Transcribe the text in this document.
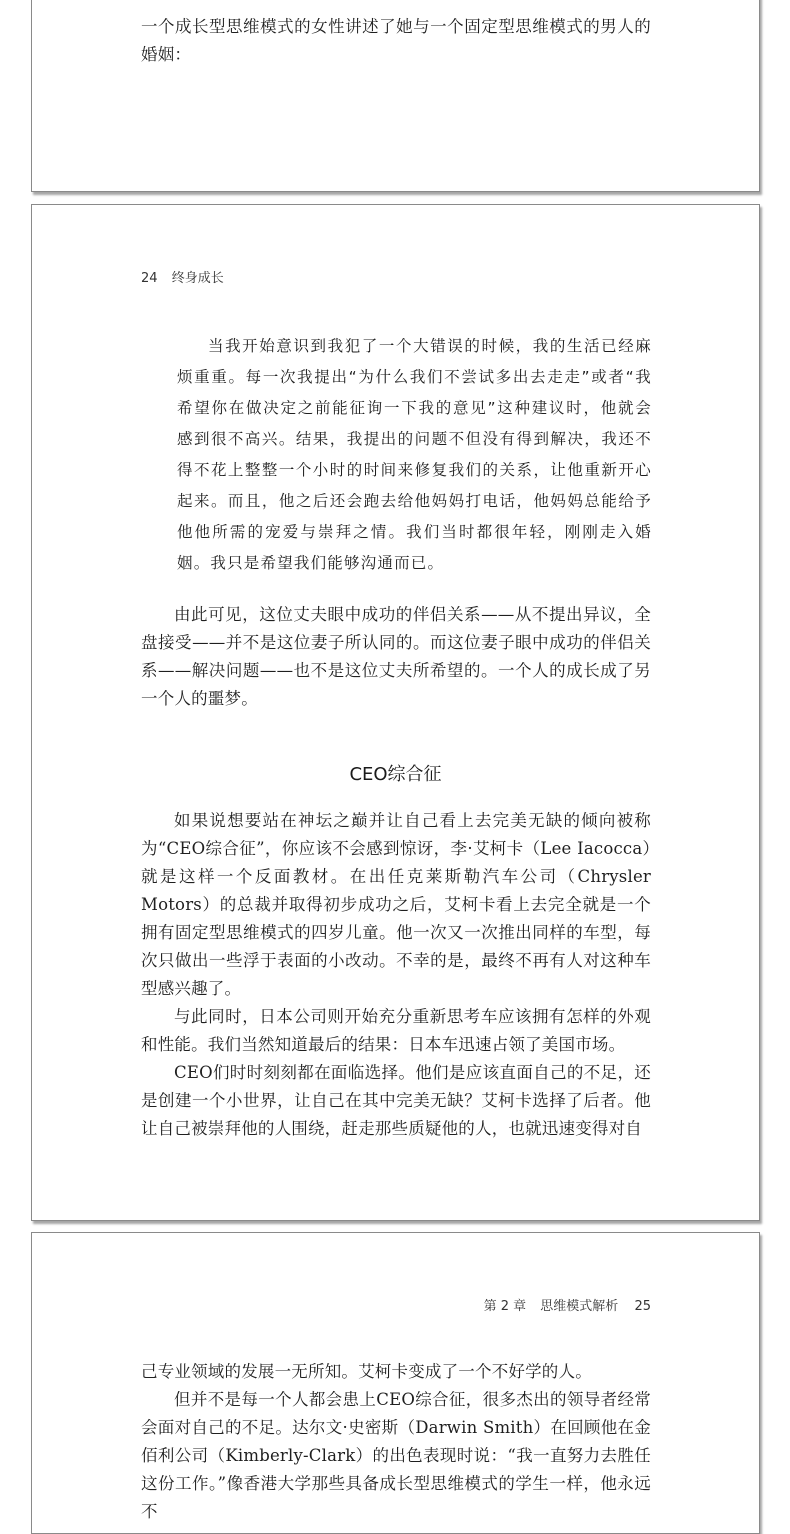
一个成长型思维模式的女性讲述了她与一个固定型思维模式的男人的婚姻：

24 终身成长

当我开始意识到我犯了一个大错误的时候，我的生活已经麻烦重重。每一次我提出“为什么我们不尝试多出去走走”或者“我希望你在做决定之前能征询一下我的意见”这种建议时，他就会感到很不高兴。结果，我提出的问题不但没有得到解决，我还不得不花上整整一个小时的时间来修复我们的关系，让他重新开心起来。而且，他之后还会跑去给他妈妈打电话，他妈妈总能给予他他所需的宠爱与崇拜之情。我们当时都很年轻，刚刚走入婚姻。我只是希望我们能够沟通而已。

由此可见，这位丈夫眼中成功的伴侣关系——从不提出异议，全盘接受——并不是这位妻子所认同的。而这位妻子眼中成功的伴侣关系——解决问题——也不是这位丈夫所希望的。一个人的成长成了另一个人的噩梦。

CEO综合征

如果说想要站在神坛之巅并让自己看上去完美无缺的倾向被称为“CEO综合征”，你应该不会感到惊讶，李·艾柯卡（Lee Iacocca）就是这样一个反面教材。在出任克莱斯勒汽车公司（Chrysler Motors）的总裁并取得初步成功之后，艾柯卡看上去完全就是一个拥有固定型思维模式的四岁儿童。他一次又一次推出同样的车型，每次只做出一些浮于表面的小改动。不幸的是，最终不再有人对这种车型感兴趣了。

与此同时，日本公司则开始充分重新思考车应该拥有怎样的外观和性能。我们当然知道最后的结果：日本车迅速占领了美国市场。

CEO们时时刻刻都在面临选择。他们是应该直面自己的不足，还是创建一个小世界，让自己在其中完美无缺？艾柯卡选择了后者。他让自己被崇拜他的人围绕，赶走那些质疑他的人，也就迅速变得对自

第 2 章 思维模式解析 25

己专业领域的发展一无所知。艾柯卡变成了一个不好学的人。

但并不是每一个人都会患上CEO综合征，很多杰出的领导者经常会面对自己的不足。达尔文·史密斯（Darwin Smith）在回顾他在金佰利公司（Kimberly-Clark）的出色表现时说：“我一直努力去胜任这份工作。”像香港大学那些具备成长型思维模式的学生一样，他永远不
